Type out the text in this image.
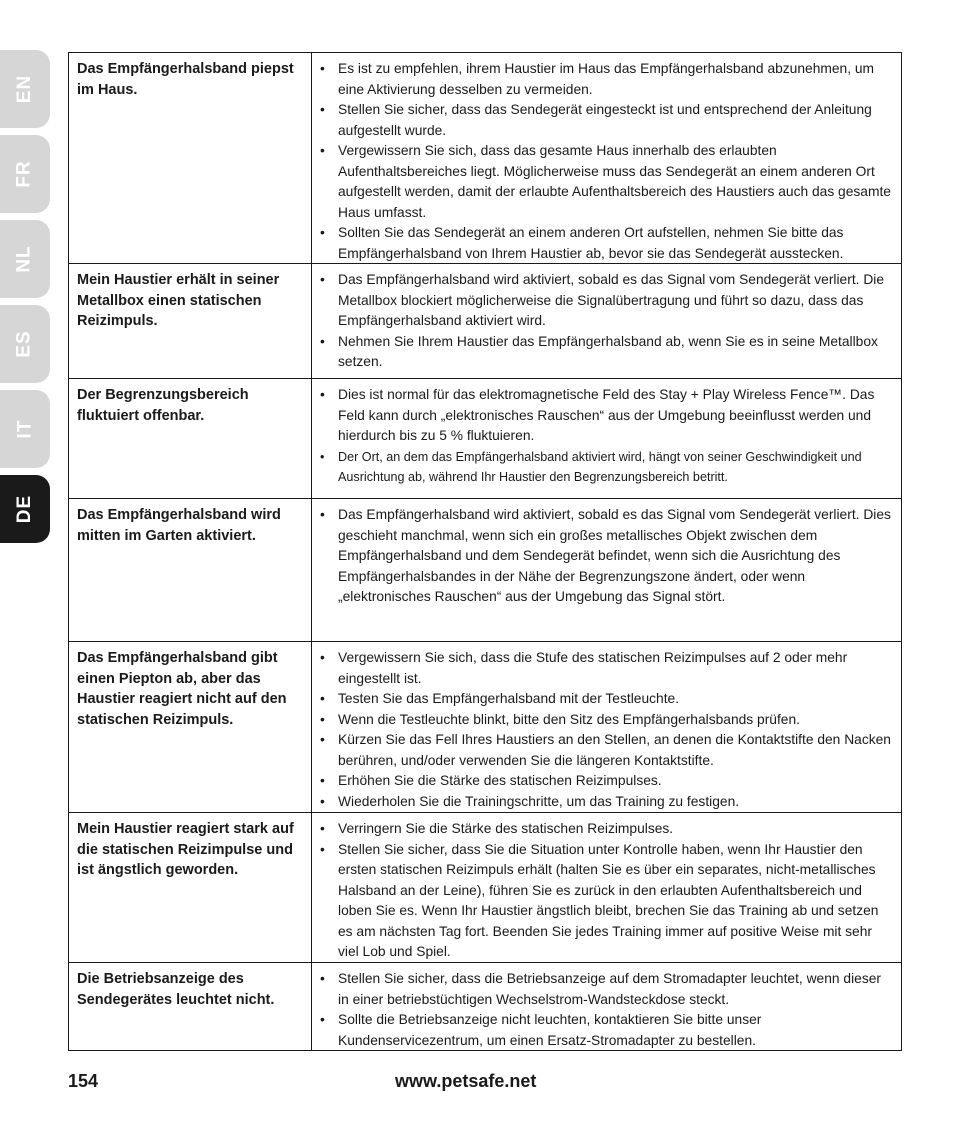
EN
FR
NL
ES
IT
DE
Das Empfängerhalsband piepst im Haus.
• Es ist zu empfehlen, ihrem Haustier im Haus das Empfängerhalsband abzunehmen, um eine Aktivierung desselben zu vermeiden.
• Stellen Sie sicher, dass das Sendegerät eingesteckt ist und entsprechend der Anleitung aufgestellt wurde.
• Vergewissern Sie sich, dass das gesamte Haus innerhalb des erlaubten Aufenthaltsbereiches liegt. Möglicherweise muss das Sendegerät an einem anderen Ort aufgestellt werden, damit der erlaubte Aufenthaltsbereich des Haustiers auch das gesamte Haus umfasst.
• Sollten Sie das Sendegerät an einem anderen Ort aufstellen, nehmen Sie bitte das Empfängerhalsband von Ihrem Haustier ab, bevor sie das Sendegerät ausstecken.
Mein Haustier erhält in seiner Metallbox einen statischen Reizimpuls.
• Das Empfängerhalsband wird aktiviert, sobald es das Signal vom Sendegerät verliert. Die Metallbox blockiert möglicherweise die Signalübertragung und führt so dazu, dass das Empfängerhalsband aktiviert wird.
• Nehmen Sie Ihrem Haustier das Empfängerhalsband ab, wenn Sie es in seine Metallbox setzen.
Der Begrenzungsbereich fluktuiert offenbar.
• Dies ist normal für das elektromagnetische Feld des Stay + Play Wireless Fence™. Das Feld kann durch „elektronisches Rauschen“ aus der Umgebung beeinflusst werden und hierdurch bis zu 5 % fluktuieren.
• Der Ort, an dem das Empfängerhalsband aktiviert wird, hängt von seiner Geschwindigkeit und Ausrichtung ab, während Ihr Haustier den Begrenzungsbereich betritt.
Das Empfängerhalsband wird mitten im Garten aktiviert.
• Das Empfängerhalsband wird aktiviert, sobald es das Signal vom Sendegerät verliert. Dies geschieht manchmal, wenn sich ein großes metallisches Objekt zwischen dem Empfängerhalsband und dem Sendegerät befindet, wenn sich die Ausrichtung des Empfängerhalsbandes in der Nähe der Begrenzungszone ändert, oder wenn „elektronisches Rauschen“ aus der Umgebung das Signal stört.
Das Empfängerhalsband gibt einen Piepton ab, aber das Haustier reagiert nicht auf den statischen Reizimpuls.
• Vergewissern Sie sich, dass die Stufe des statischen Reizimpulses auf 2 oder mehr eingestellt ist.
• Testen Sie das Empfängerhalsband mit der Testleuchte.
• Wenn die Testleuchte blinkt, bitte den Sitz des Empfängerhalsbands prüfen.
• Kürzen Sie das Fell Ihres Haustiers an den Stellen, an denen die Kontaktstifte den Nacken berühren, und/oder verwenden Sie die längeren Kontaktstifte.
• Erhöhen Sie die Stärke des statischen Reizimpulses.
• Wiederholen Sie die Trainingschritte, um das Training zu festigen.
Mein Haustier reagiert stark auf die statischen Reizimpulse und ist ängstlich geworden.
• Verringern Sie die Stärke des statischen Reizimpulses.
• Stellen Sie sicher, dass Sie die Situation unter Kontrolle haben, wenn Ihr Haustier den ersten statischen Reizimpuls erhält (halten Sie es über ein separates, nicht-metallisches Halsband an der Leine), führen Sie es zurück in den erlaubten Aufenthaltsbereich und loben Sie es. Wenn Ihr Haustier ängstlich bleibt, brechen Sie das Training ab und setzen es am nächsten Tag fort. Beenden Sie jedes Training immer auf positive Weise mit sehr viel Lob und Spiel.
Die Betriebsanzeige des Sendegerätes leuchtet nicht.
• Stellen Sie sicher, dass die Betriebsanzeige auf dem Stromadapter leuchtet, wenn dieser in einer betriebstüchtigen Wechselstrom-Wandsteckdose steckt.
• Sollte die Betriebsanzeige nicht leuchten, kontaktieren Sie bitte unser Kundenservicezentrum, um einen Ersatz-Stromadapter zu bestellen.
154	www.petsafe.net
